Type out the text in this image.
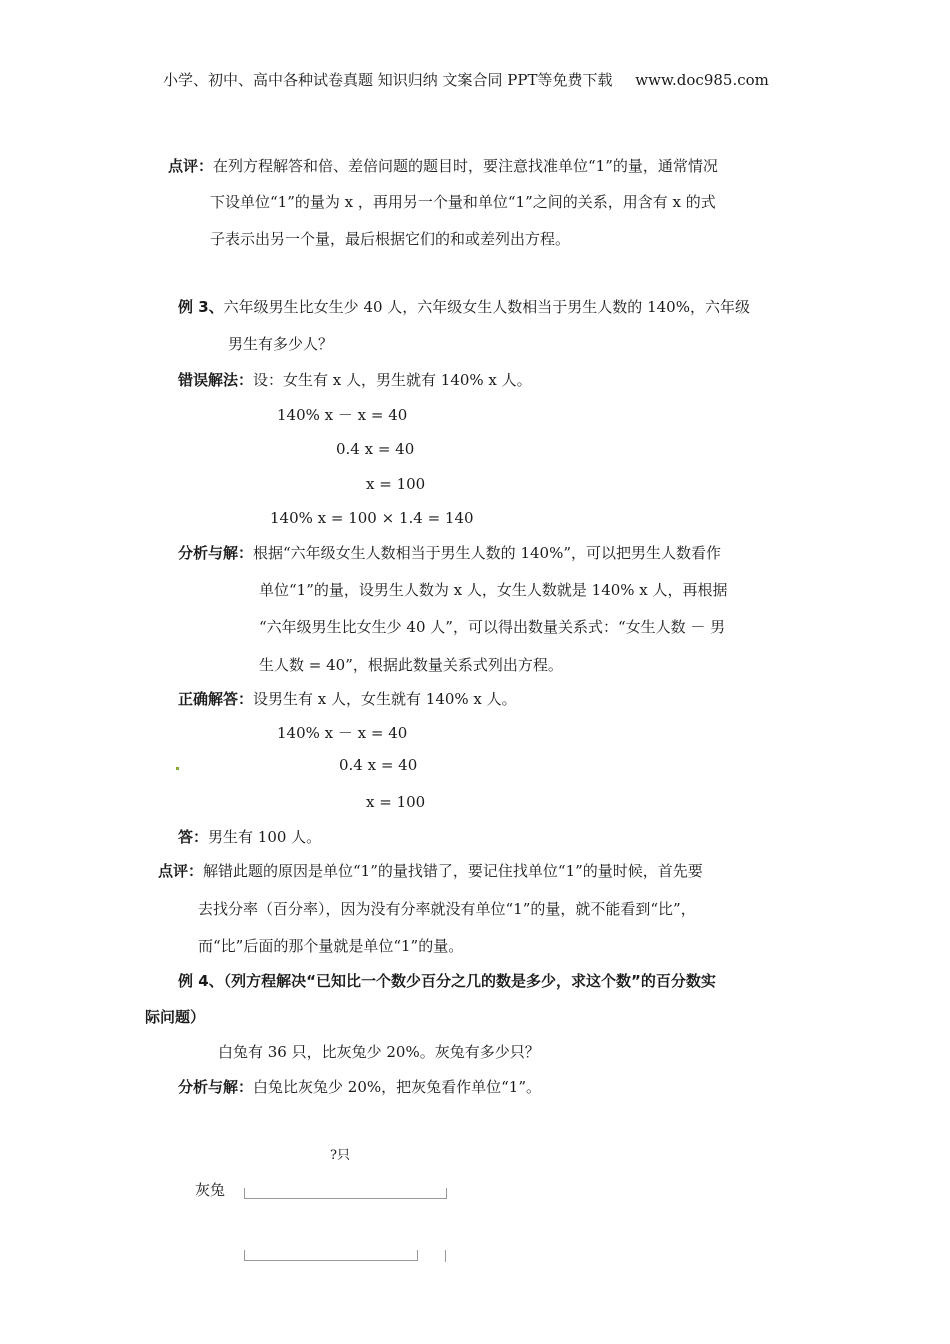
小学、初中、高中各种试卷真题 知识归纳 文案合同 PPT等免费下载 www.doc985.com
点评：在列方程解答和倍、差倍问题的题目时，要注意找准单位“1”的量，通常情况
下设单位“1”的量为 x ，再用另一个量和单位“1”之间的关系，用含有 x 的式
子表示出另一个量，最后根据它们的和或差列出方程。
例 3、六年级男生比女生少 40 人，六年级女生人数相当于男生人数的 140%，六年级
男生有多少人？
错误解法：设：女生有 x 人，男生就有 140% x 人。
140% x － x = 40
0.4 x = 40
x = 100
140% x = 100 × 1.4 = 140
分析与解：根据“六年级女生人数相当于男生人数的 140%”，可以把男生人数看作
单位“1”的量，设男生人数为 x 人，女生人数就是 140% x 人，再根据
“六年级男生比女生少 40 人”，可以得出数量关系式：“女生人数 － 男
生人数 = 40”，根据此数量关系式列出方程。
正确解答：设男生有 x 人，女生就有 140% x 人。
140% x － x = 40
0.4 x = 40
x = 100
答：男生有 100 人。
点评：解错此题的原因是单位“1”的量找错了，要记住找单位“1”的量时候，首先要
去找分率（百分率），因为没有分率就没有单位“1”的量，就不能看到“比”，
而“比”后面的那个量就是单位“1”的量。
例 4、（列方程解决“已知比一个数少百分之几的数是多少，求这个数”的百分数实
际问题）
白兔有 36 只，比灰兔少 20%。灰兔有多少只？
分析与解：白兔比灰兔少 20%，把灰兔看作单位“1”。
?只
灰兔
